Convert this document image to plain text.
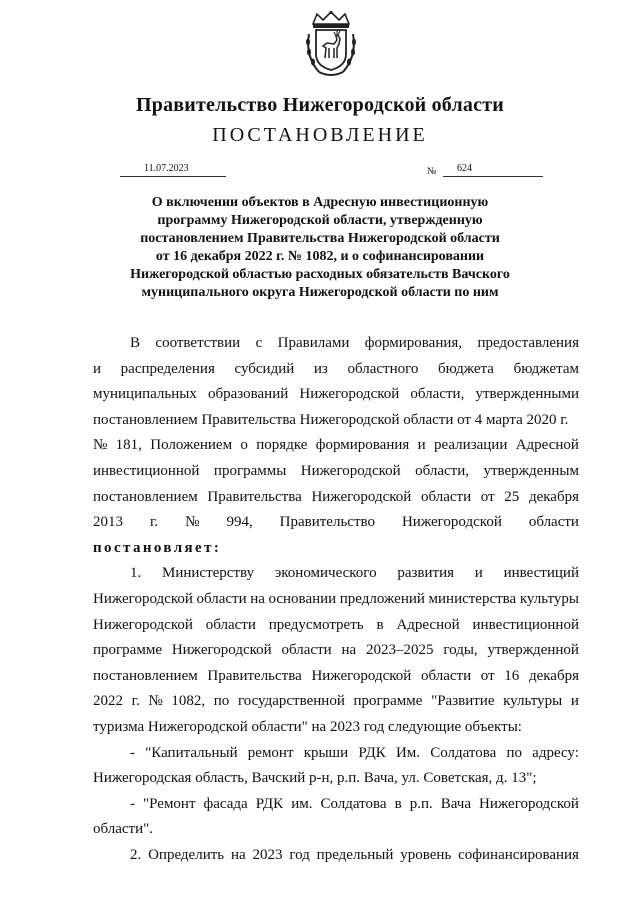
Правительство Нижегородской области
ПОСТАНОВЛЕНИЕ
11.07.2023	№	624
О включении объектов в Адресную инвестиционную
программу Нижегородской области, утвержденную
постановлением Правительства Нижегородской области
от 16 декабря 2022 г. № 1082, и о софинансировании
Нижегородской областью расходных обязательств Вачского
муниципального округа Нижегородской области по ним
В соответствии с Правилами формирования, предоставления
и распределения субсидий из областного бюджета бюджетам
муниципальных образований Нижегородской области, утвержденными
постановлением Правительства Нижегородской области от 4 марта 2020 г.
№ 181, Положением о порядке формирования и реализации Адресной
инвестиционной программы Нижегородской области, утвержденным
постановлением Правительства Нижегородской области от 25 декабря
2013 г. № 994, Правительство Нижегородской области
постановляет:
1. Министерству экономического развития и инвестиций
Нижегородской области на основании предложений министерства культуры
Нижегородской области предусмотреть в Адресной инвестиционной
программе Нижегородской области на 2023–2025 годы, утвержденной
постановлением Правительства Нижегородской области от 16 декабря
2022 г. № 1082, по государственной программе "Развитие культуры и
туризма Нижегородской области" на 2023 год следующие объекты:
- "Капитальный ремонт крыши РДК Им. Солдатова по адресу:
Нижегородская область, Вачский р-н, р.п. Вача, ул. Советская, д. 13";
- "Ремонт фасада РДК им. Солдатова в р.п. Вача Нижегородской
области".
2. Определить на 2023 год предельный уровень софинансирования
